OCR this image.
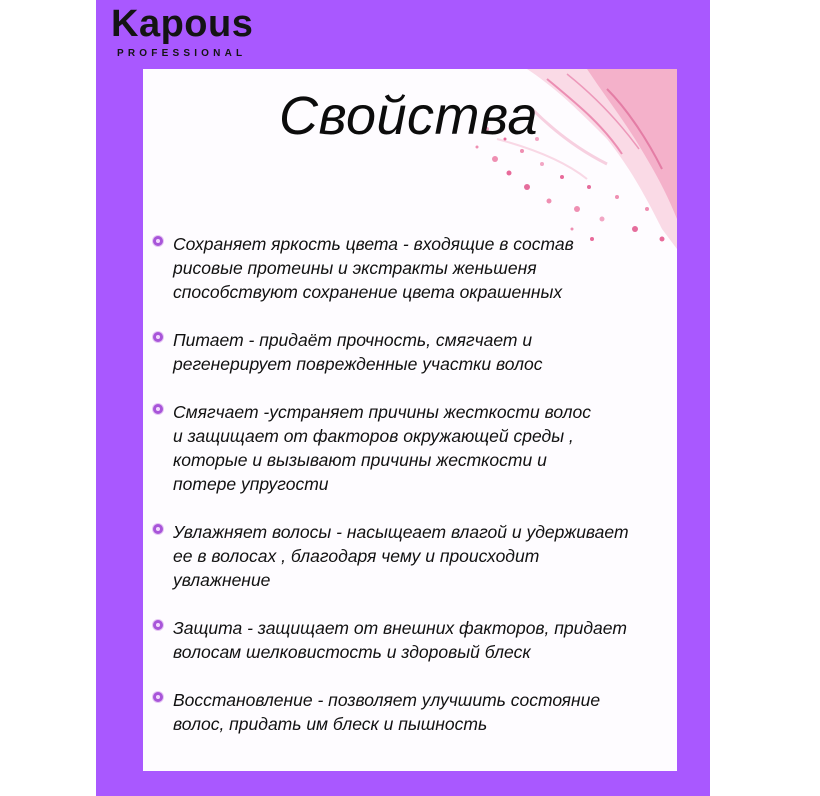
Kapous
PROFESSIONAL
Свойства

Сохраняет яркость цвета - входящие в состав
рисовые протеины и экстракты женьшеня
способствуют сохранение цвета окрашенных

Питает - придаёт прочность, смягчает и
регенерирует поврежденные участки волос

Смягчает -устраняет причины жесткости волос
и защищает от факторов окружающей среды ,
которые и вызывают причины жесткости и
потере упругости

Увлажняет волосы - насыщеает влагой и удерживает
ее в волосах , благодаря чему и происходит
увлажнение

Защита - защищает от внешних факторов, придает
волосам шелковистость и здоровый блеск

Восстановление - позволяет улучшить состояние
волос, придать им блеск и пышность
